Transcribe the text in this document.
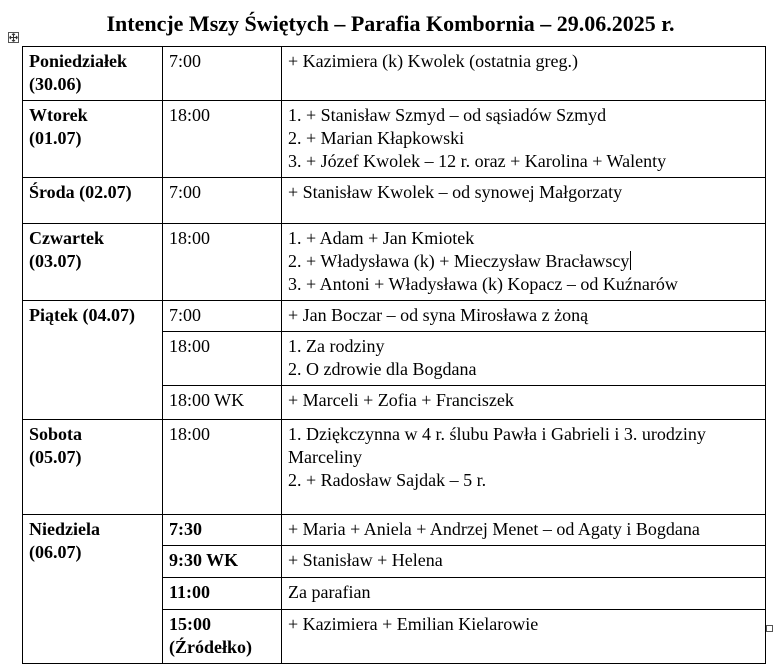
Intencje Mszy Świętych – Parafia Kombornia – 29.06.2025 r.
Poniedziałek
(30.06)	7:00	+ Kazimiera (k) Kwolek (ostatnia greg.)

Wtorek
(01.07)	18:00	1. + Stanisław Szmyd – od sąsiadów Szmyd
2. + Marian Kłapkowski
3. + Józef Kwolek – 12 r. oraz + Karolina + Walenty

Środa (02.07)	7:00	+ Stanisław Kwolek – od synowej Małgorzaty

Czwartek
(03.07)	18:00	1. + Adam + Jan Kmiotek
2. + Władysława (k) + Mieczysław Bracławscy
3. + Antoni + Władysława (k) Kopacz – od Kuźnarów

Piątek (04.07)	7:00	+ Jan Boczar – od syna Mirosława z żoną

	18:00	1. Za rodziny
2. O zdrowie dla Bogdana

	18:00 WK	+ Marceli + Zofia + Franciszek

Sobota
(05.07)	18:00	1. Dziękczynna w 4 r. ślubu Pawła i Gabrieli i 3. urodziny Marceliny
2. + Radosław Sajdak – 5 r.

Niedziela
(06.07)	7:30	+ Maria + Aniela + Andrzej Menet – od Agaty i Bogdana

	9:30 WK	+ Stanisław + Helena

	11:00	Za parafian

	15:00
(Źródełko)	+ Kazimiera + Emilian Kielarowie
